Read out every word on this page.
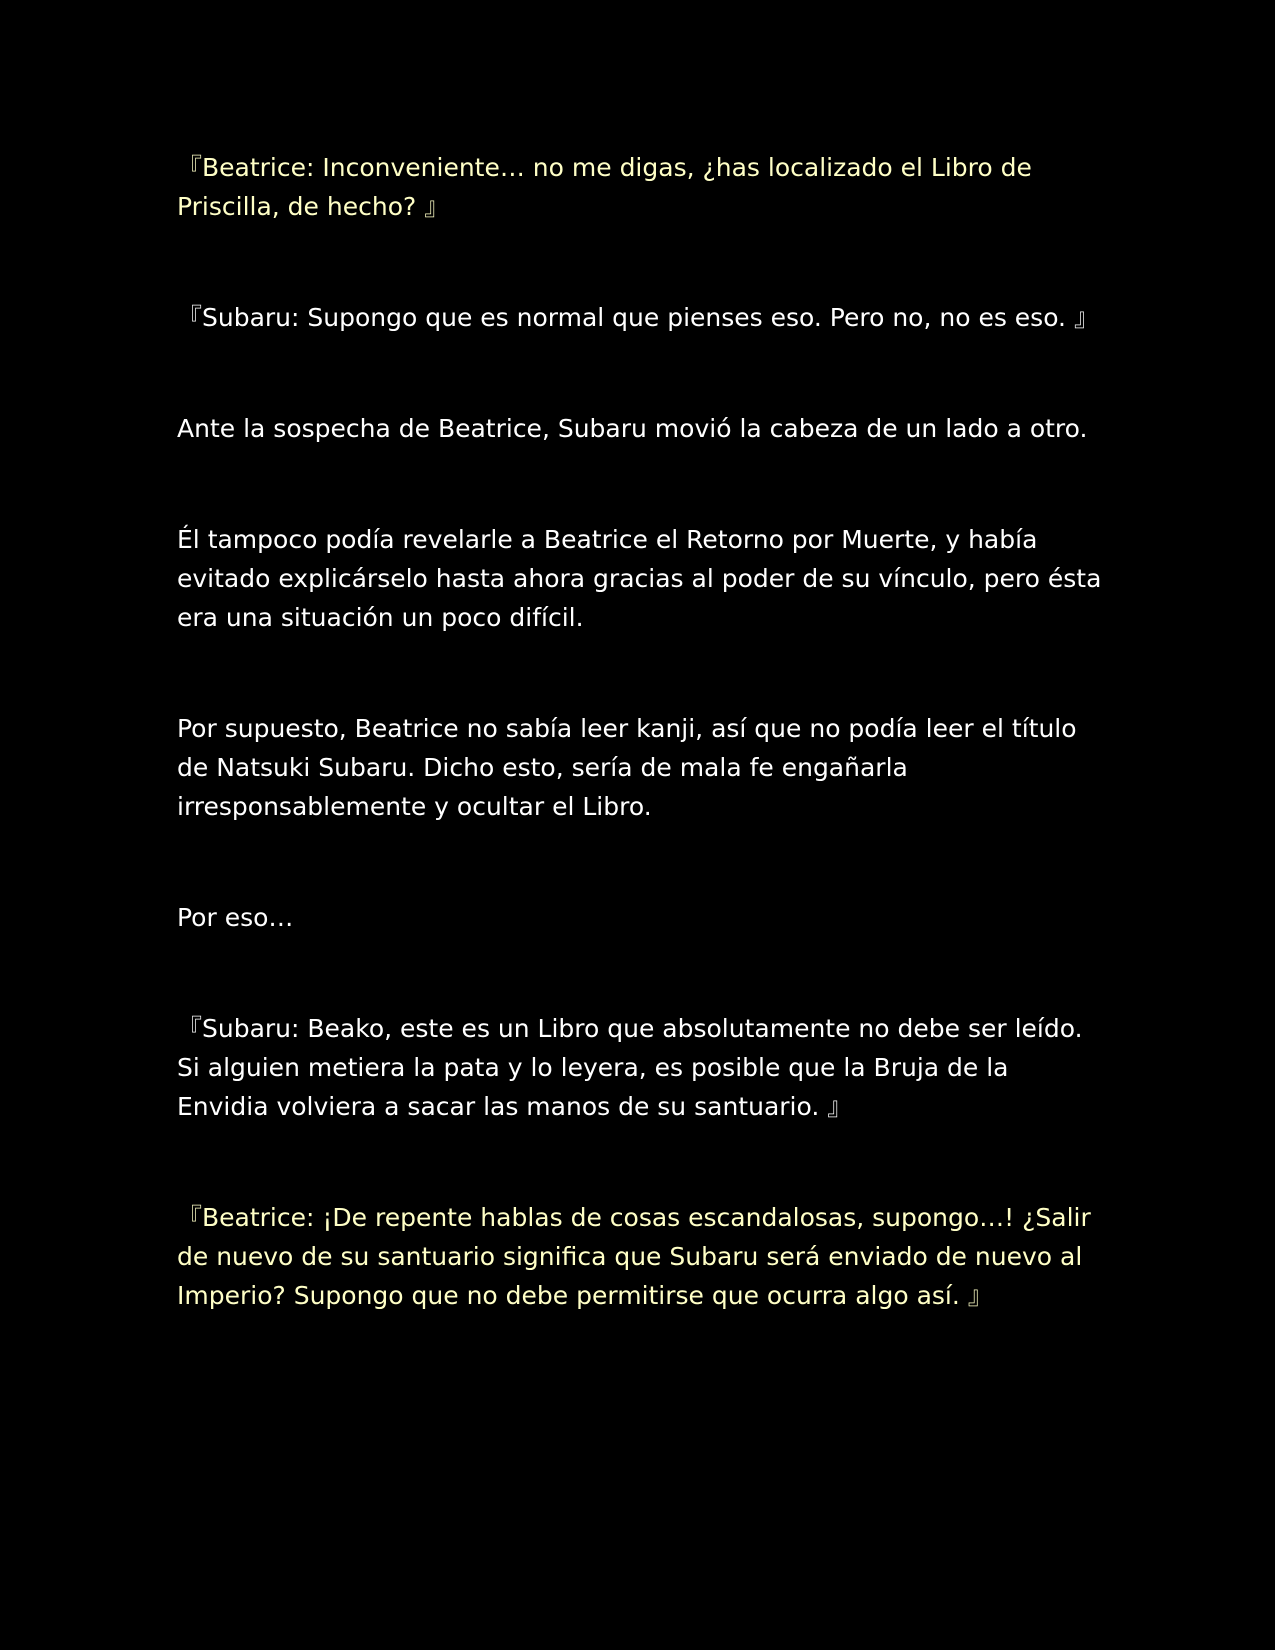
『Beatrice: Inconveniente… no me digas, ¿has localizado el Libro de Priscilla, de hecho? 』

『Subaru: Supongo que es normal que pienses eso. Pero no, no es eso. 』

Ante la sospecha de Beatrice, Subaru movió la cabeza de un lado a otro.

Él tampoco podía revelarle a Beatrice el Retorno por Muerte, y había evitado explicárselo hasta ahora gracias al poder de su vínculo, pero ésta era una situación un poco difícil.

Por supuesto, Beatrice no sabía leer kanji, así que no podía leer el título de Natsuki Subaru. Dicho esto, sería de mala fe engañarla irresponsablemente y ocultar el Libro.

Por eso…

『Subaru: Beako, este es un Libro que absolutamente no debe ser leído. Si alguien metiera la pata y lo leyera, es posible que la Bruja de la Envidia volviera a sacar las manos de su santuario. 』

『Beatrice: ¡De repente hablas de cosas escandalosas, supongo…! ¿Salir de nuevo de su santuario significa que Subaru será enviado de nuevo al Imperio? Supongo que no debe permitirse que ocurra algo así. 』
